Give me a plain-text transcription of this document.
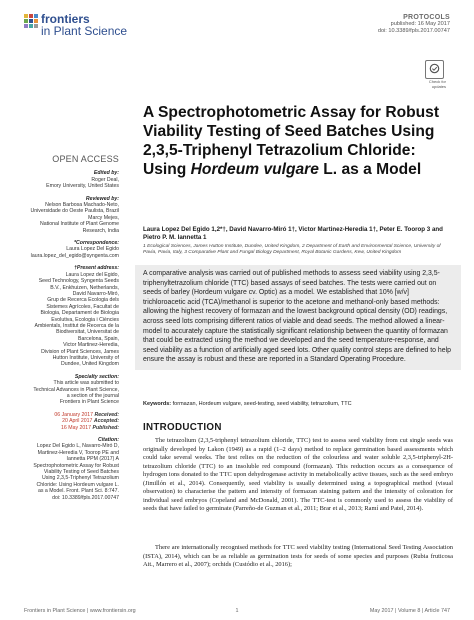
frontiers
in Plant Science
PROTOCOLS
published: 16 May 2017
doi: 10.3389/fpls.2017.00747
Check for updates
A Spectrophotometric Assay for Robust Viability Testing of Seed Batches Using 2,3,5-Triphenyl Tetrazolium Chloride: Using Hordeum vulgare L. as a Model
OPEN ACCESS
Edited by:
Roger Deal,
Emory University, United States
Reviewed by:
Nelson Barbosa Machado-Neto,
Universidade do Oeste Paulista, Brazil
Marcy Mejes,
National Institute of Plant Genome
Research, India
*Correspondence:
Laura Lopez Del Egido
laura.lopez_del_egido@syngenta.com
†Present address:
Laura Lopez del Egido,
Seed Technology, Syngenta Seeds
B.V., Enkhuizen, Netherlands,
David Navarro-Miró,
Grup de Recerca Ecologia dels
Sistemes Agrícoles, Facultat de
Biologia, Departament de Biologia
Evolutiva, Ecologia i Ciències
Ambientals, Institut de Recerca de la
Biodiversitat, Universitat de
Barcelona, Spain,
Victor Martinez-Heredia,
Division of Plant Sciences, James
Hutton Institute, University of
Dundee, United Kingdom
Specialty section:
This article was submitted to
Technical Advances in Plant Science,
a section of the journal
Frontiers in Plant Science
06 January 2017 Received:
20 April 2017 Accepted:
16 May 2017 Published:
Citation:
Lopez Del Egido L, Navarro-Miró D,
Martinez-Heredia V, Toorop PE and
Iannetta PPM (2017) A
Spectrophotometric Assay for Robust
Viability Testing of Seed Batches
Using 2,3,5-Triphenyl Tetrazolium
Chloride: Using Hordeum vulgare L.
as a Model. Front. Plant Sci. 8:747.
doi: 10.3389/fpls.2017.00747
Laura Lopez Del Egido 1,2*†, David Navarro-Miró 1†, Victor Martinez-Heredia 1†, Peter E. Toorop 3 and Pietro P. M. Iannetta 1
1 Ecological Sciences, James Hutton Institute, Dundee, United Kingdom, 2 Department of Earth and Environmental Science, University of Pavia, Pavia, Italy, 3 Comparative Plant and Fungal Biology Department, Royal Botanic Gardens, Kew, United Kingdom
A comparative analysis was carried out of published methods to assess seed viability using 2,3,5-triphenyltetrazolium chloride (TTC) based assays of seed batches. The tests were carried out on seeds of barley (Hordeum vulgare cv. Optic) as a model. We established that 10% [w/v] trichloroacetic acid (TCA)/methanol is superior to the acetone and methanol-only based methods: allowing the highest recovery of formazan and the lowest background optical density (OD) readings, across seed lots comprising different ratios of viable and dead seeds. The method allowed a linear-model to accurately capture the statistically significant relationship between the quantity of formazan that could be extracted using the method we developed and the seed temperature-response, and seed viability as a function of artificially aged seed lots. Other quality control steps are defined to help ensure the assay is robust and these are reported in a Standard Operating Procedure.
Keywords: formazan, Hordeum vulgare, seed-testing, seed viability, tetrazolium, TTC
INTRODUCTION
The tetrazolium (2,3,5-triphenyl tetrazolium chloride, TTC) test to assess seed viability from cut single seeds was originally developed by Lakon (1949) as a rapid (1–2 days) method to replace germination based assessments which could take several weeks. The test relies on the reduction of the colourless and water soluble 2,3,5-triphenyl-2H-tetrazolium chloride (TTC) to an insoluble red compound (formazan). This reduction occurs as a consequence of hydrogen ions donated to the TTC upon dehydrogenase activity in metabolically active tissues, such as the seed embryo (Jimillón et al., 2014). Consequently, seed viability is usually determined using a topographical method (visual observation) to characterise the pattern and intensity of formazan staining pattern and the intensity of coloration for individual seed embryos (Copeland and McDonald, 2001). The TTC-test is commonly used to assess the viability of seeds that have failed to germinate (Parreño-de Guzman et al., 2011; Brar et al., 2013; Ramí and Patel, 2014).
There are internationally recognised methods for TTC seed viability testing (International Seed Testing Association (ISTA), 2014), which can be as reliable as germination tests for seeds of some species and purposes (Rubia fruticosa Ait., Marrero et al., 2007); orchids (Custódio et al., 2016);
Frontiers in Plant Science | www.frontiersin.org	1	May 2017 | Volume 8 | Article 747
